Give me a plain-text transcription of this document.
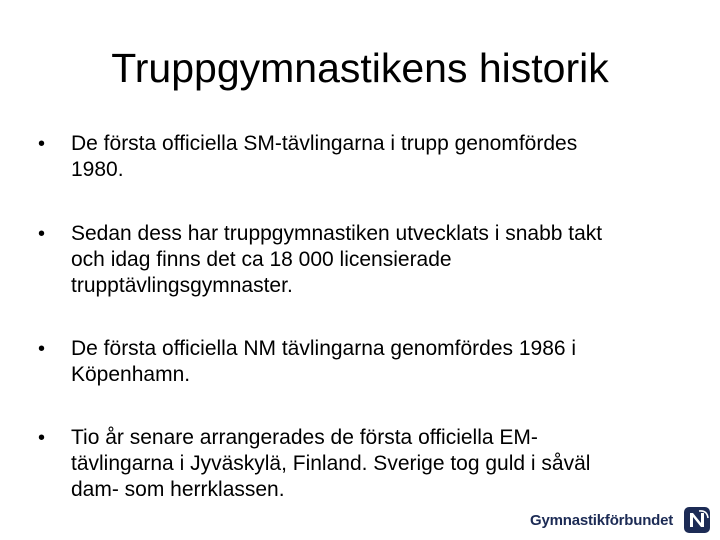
Truppgymnastikens historik
• De första officiella SM-tävlingarna i trupp genomfördes
1980.
• Sedan dess har truppgymnastiken utvecklats i snabb takt
och idag finns det ca 18 000 licensierade
trupptävlingsgymnaster.
• De första officiella NM tävlingarna genomfördes 1986 i
Köpenhamn.
• Tio år senare arrangerades de första officiella EM-
tävlingarna i Jyväskylä, Finland. Sverige tog guld i såväl
dam- som herrklassen.
Gymnastikförbundet
